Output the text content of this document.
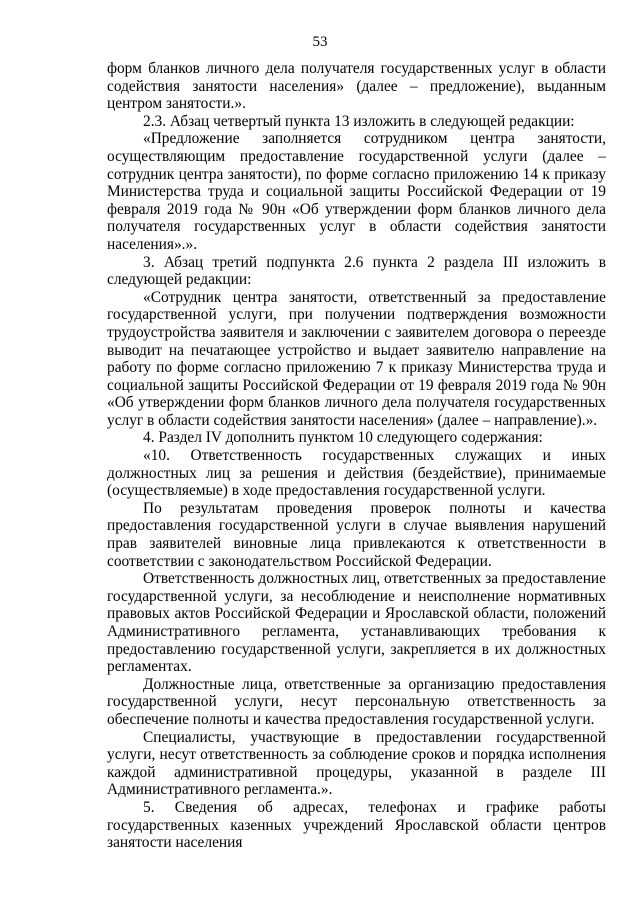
53

форм бланков личного дела получателя государственных услуг в области содействия занятости населения» (далее – предложение), выданным центром занятости.».

2.3. Абзац четвертый пункта 13 изложить в следующей редакции:

«Предложение заполняется сотрудником центра занятости, осуществляющим предоставление государственной услуги (далее – сотрудник центра занятости), по форме согласно приложению 14 к приказу Министерства труда и социальной защиты Российской Федерации от 19 февраля 2019 года № 90н «Об утверждении форм бланков личного дела получателя государственных услуг в области содействия занятости населения».».

3. Абзац третий подпункта 2.6 пункта 2 раздела III изложить в следующей редакции:

«Сотрудник центра занятости, ответственный за предоставление государственной услуги, при получении подтверждения возможности трудоустройства заявителя и заключении с заявителем договора о переезде выводит на печатающее устройство и выдает заявителю направление на работу по форме согласно приложению 7 к приказу Министерства труда и социальной защиты Российской Федерации от 19 февраля 2019 года № 90н «Об утверждении форм бланков личного дела получателя государственных услуг в области содействия занятости населения» (далее – направление).».

4. Раздел IV дополнить пунктом 10 следующего содержания:

«10. Ответственность государственных служащих и иных должностных лиц за решения и действия (бездействие), принимаемые (осуществляемые) в ходе предоставления государственной услуги.

По результатам проведения проверок полноты и качества предоставления государственной услуги в случае выявления нарушений прав заявителей виновные лица привлекаются к ответственности в соответствии с законодательством Российской Федерации.

Ответственность должностных лиц, ответственных за предоставление государственной услуги, за несоблюдение и неисполнение нормативных правовых актов Российской Федерации и Ярославской области, положений Административного регламента, устанавливающих требования к предоставлению государственной услуги, закрепляется в их должностных регламентах.

Должностные лица, ответственные за организацию предоставления государственной услуги, несут персональную ответственность за обеспечение полноты и качества предоставления государственной услуги.

Специалисты, участвующие в предоставлении государственной услуги, несут ответственность за соблюдение сроков и порядка исполнения каждой административной процедуры, указанной в разделе III Административного регламента.».

5. Сведения об адресах, телефонах и графике работы государственных казенных учреждений Ярославской области центров занятости населения
